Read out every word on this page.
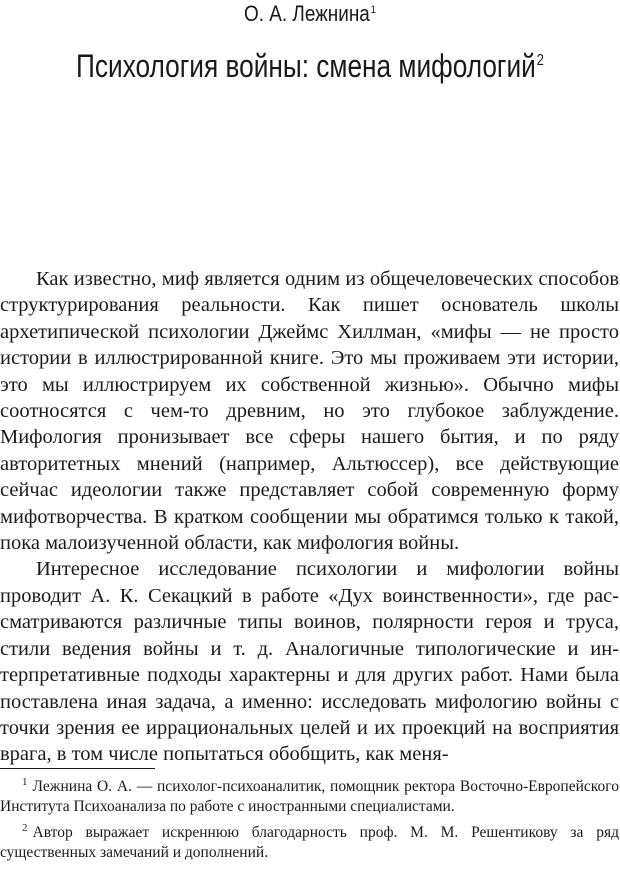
О. А. Лежнина$^1$
Психология войны: смена мифологий$^2$

Как известно, миф является одним из общечеловеческих способов структурирования реальности. Как пишет основатель школы архетипической психологии Джеймс Хиллман, «мифы — не просто истории в иллюстрированной книге. Это мы проживаем эти истории, это мы иллюстрируем их собственной жизнью». Обычно мифы соотносятся с чем-то древним, но это глубокое заблуждение. Мифология пронизывает все сферы нашего бытия, и по ряду авторитетных мнений (например, Альтюссер), все действующие сейчас идеологии также представляет собой современную форму мифотворчества. В кратком сообщении мы обратимся только к такой, пока малоизученной области, как мифология войны.

Интересное исследование психологии и мифологии войны проводит А. К. Секацкий в работе «Дух воинственности», где рассматриваются различные типы воинов, полярности героя и труса, стили ведения войны и т. д. Аналогичные типологические и интерпретативные подходы характерны и для других работ. Нами была поставлена иная задача, а именно: исследовать мифологию войны с точки зрения ее иррациональных целей и их проекций на восприятия врага, в том числе попытаться обобщить, как меня-

$^1$ Лежнина О. А. — психолог-психоаналитик, помощник ректора Восточно-Европейского Института Психоанализа по работе с иностранными специалистами.

$^2$ Автор выражает искреннюю благодарность проф. М. М. Решентикову за ряд существенных замечаний и дополнений.
